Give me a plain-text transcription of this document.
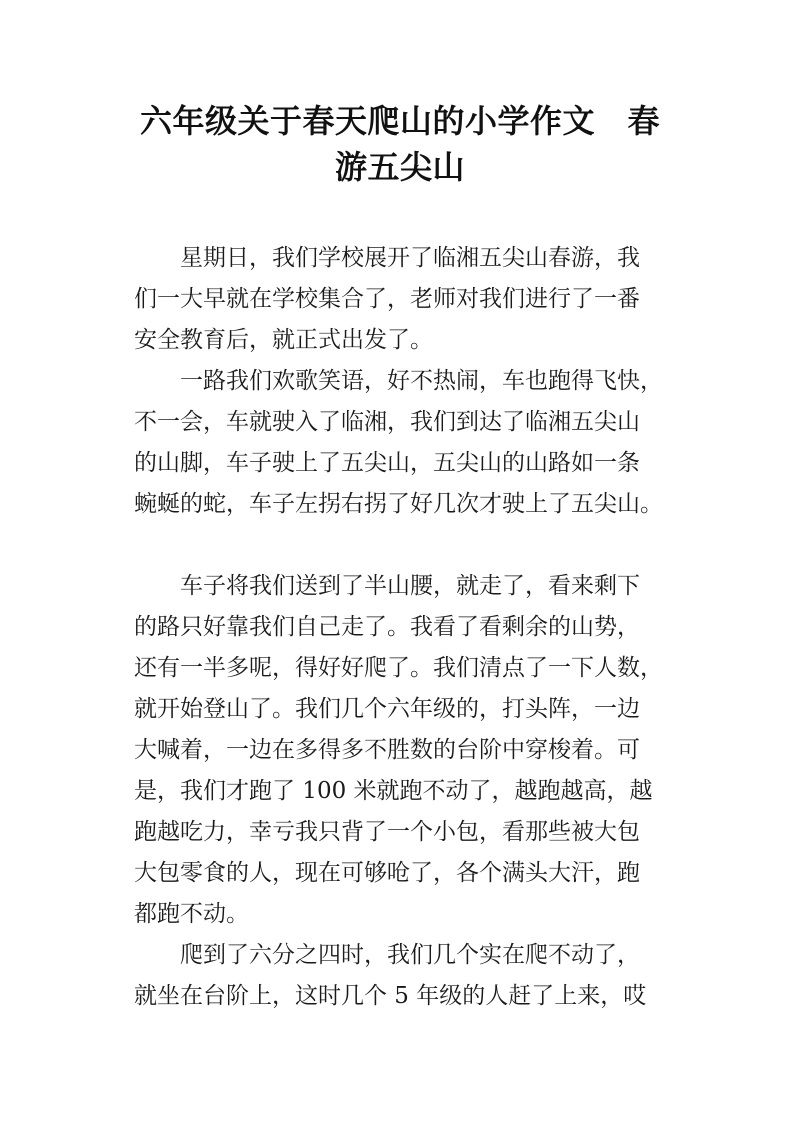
六年级关于春天爬山的小学作文　春
游五尖山
星期日，我们学校展开了临湘五尖山春游，我
们一大早就在学校集合了，老师对我们进行了一番
安全教育后，就正式出发了。
一路我们欢歌笑语，好不热闹，车也跑得飞快，
不一会，车就驶入了临湘，我们到达了临湘五尖山
的山脚，车子驶上了五尖山，五尖山的山路如一条
蜿蜒的蛇，车子左拐右拐了好几次才驶上了五尖山。
车子将我们送到了半山腰，就走了，看来剩下
的路只好靠我们自己走了。我看了看剩余的山势，
还有一半多呢，得好好爬了。我们清点了一下人数，
就开始登山了。我们几个六年级的，打头阵，一边
大喊着，一边在多得多不胜数的台阶中穿梭着。可
是，我们才跑了 100 米就跑不动了，越跑越高，越
跑越吃力，幸亏我只背了一个小包，看那些被大包
大包零食的人，现在可够呛了，各个满头大汗，跑
都跑不动。
爬到了六分之四时，我们几个实在爬不动了，
就坐在台阶上，这时几个 5 年级的人赶了上来，哎
